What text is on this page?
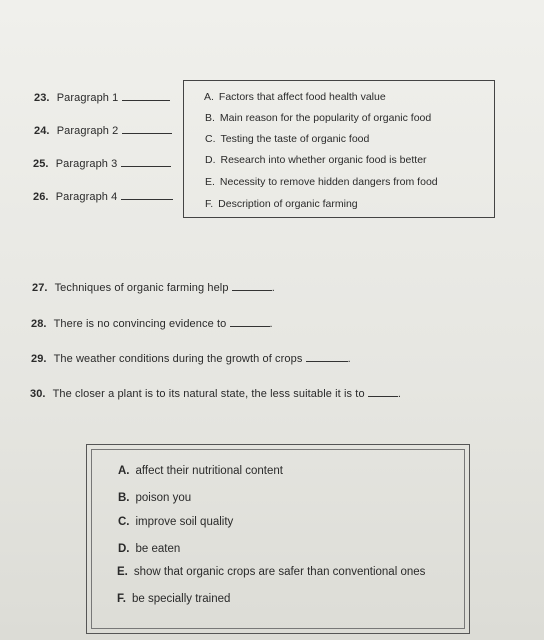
23. Paragraph 1
24. Paragraph 2
25. Paragraph 3
26. Paragraph 4
A. Factors that affect food health value
B. Main reason for the popularity of organic food
C. Testing the taste of organic food
D. Research into whether organic food is better
E. Necessity to remove hidden dangers from food
F. Description of organic farming
27. Techniques of organic farming help	.
28. There is no convincing evidence to	.
29. The weather conditions during the growth of crops	.
30. The closer a plant is to its natural state, the less suitable it is to	.
A. affect their nutritional content
B. poison you
C. improve soil quality
D. be eaten
E. show that organic crops are safer than conventional ones
F. be specially trained
